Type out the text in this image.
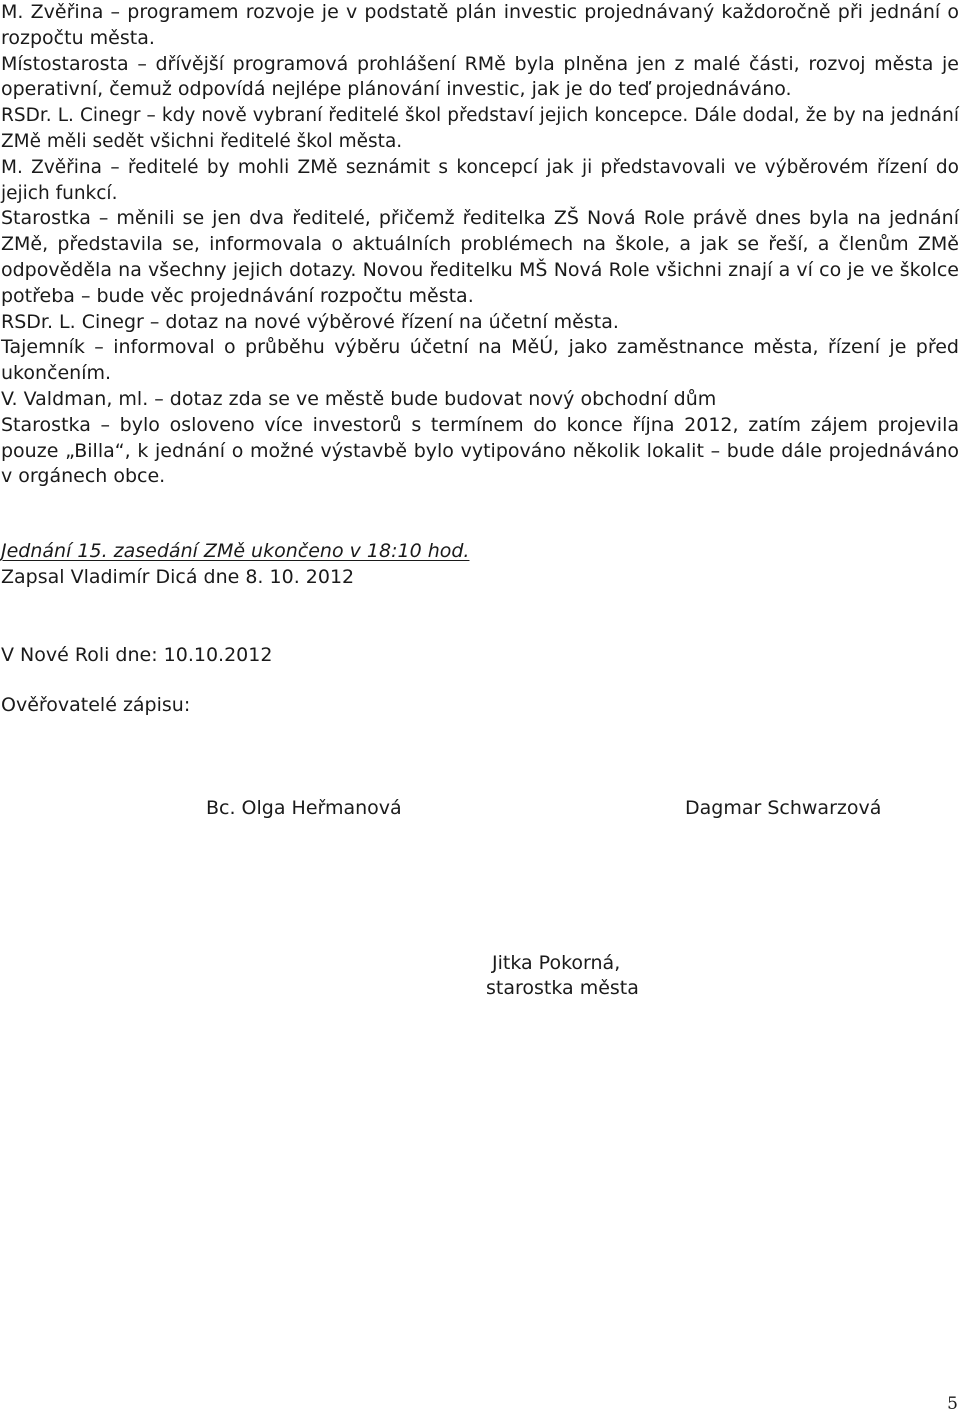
M. Zvěřina – programem rozvoje je v podstatě plán investic projednávaný každoročně při jednání o rozpočtu města.

Místostarosta – dřívější programová prohlášení RMě byla plněna jen z malé části, rozvoj města je operativní, čemuž odpovídá nejlépe plánování investic, jak je do teď projednáváno.

RSDr. L. Cinegr – kdy nově vybraní ředitelé škol představí jejich koncepce. Dále dodal, že by na jednání ZMě měli sedět všichni ředitelé škol města.

M. Zvěřina – ředitelé by mohli ZMě seznámit s koncepcí jak ji představovali ve výběrovém řízení do jejich funkcí.

Starostka – měnili se jen dva ředitelé, přičemž ředitelka ZŠ Nová Role právě dnes byla na jednání ZMě, představila se, informovala o aktuálních problémech na škole, a jak se řeší, a členům ZMě odpověděla na všechny jejich dotazy. Novou ředitelku MŠ Nová Role všichni znají a ví co je ve školce potřeba – bude věc projednávání rozpočtu města.

RSDr. L. Cinegr – dotaz na nové výběrové řízení na účetní města.

Tajemník – informoval o průběhu výběru účetní na MěÚ, jako zaměstnance města, řízení je před ukončením.

V. Valdman, ml. – dotaz zda se ve městě bude budovat nový obchodní dům

Starostka – bylo osloveno více investorů s termínem do konce října 2012, zatím zájem projevila pouze „Billa“, k jednání o možné výstavbě bylo vytipováno několik lokalit – bude dále projednáváno v orgánech obce.

Jednání 15. zasedání ZMě ukončeno v 18:10 hod.
Zapsal Vladimír Dicá dne 8. 10. 2012
V Nové Roli dne: 10.10.2012
Ověřovatelé zápisu:
Bc. Olga Heřmanová	Dagmar Schwarzová
Jitka Pokorná,
starostka města
5
